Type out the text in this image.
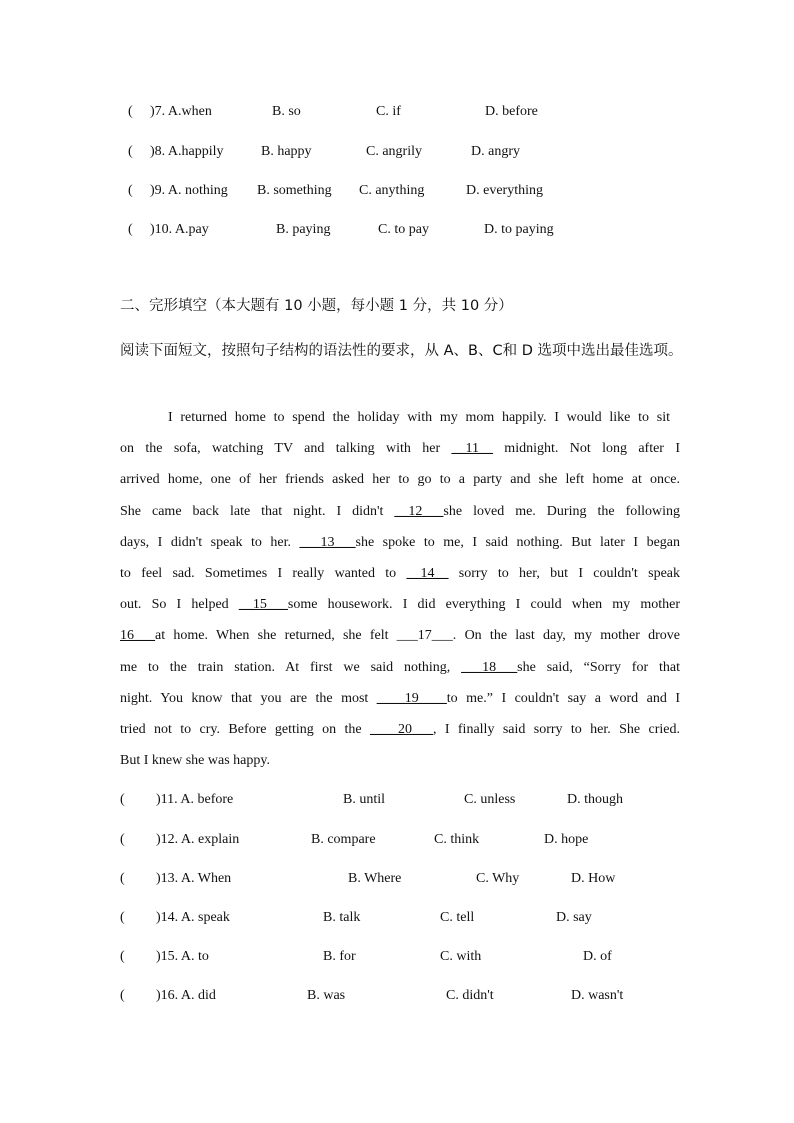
( )7. A.when	B. so	C. if	D. before
( )8. A.happily	B. happy	C. angrily	D. angry
( )9. A. nothing B. something C. anything	D. everything
( )10. A.pay	B. paying	C. to pay	D. to paying
二、完形填空（本大题有 10 小题，每小题 1 分，共 10 分）
阅读下面短文，按照句子结构的语法性的要求，从 A、B、C和 D 选项中选出最佳选项。
I returned home to spend the holiday with my mom happily. I would like to sit
on the sofa, watching TV and talking with her __11__ midnight. Not long after I
arrived home, one of her friends asked her to go to a party and she left home at once.
She came back late that night. I didn't __12___she loved me. During the following
days, I didn't speak to her. ___13___she spoke to me, I said nothing. But later I began
to feel sad. Sometimes I really wanted to __14__ sorry to her, but I couldn't speak
out. So I helped __15___some housework. I did everything I could when my mother
16___at home. When she returned, she felt ___17___. On the last day, my mother drove
me to the train station. At first we said nothing, ___18___she said, “Sorry for that
night. You know that you are the most ____19____to me.” I couldn't say a word and I
tried not to cry. Before getting on the ____20___, I finally said sorry to her. She cried.
But I knew she was happy.
( )11. A. before	B. until	C. unless	D. though
( )12. A. explain	B. compare	C. think	D. hope
( )13. A. When	B. Where	C. Why	D. How
( )14. A. speak	B. talk	C. tell	D. say
( )15. A. to	B. for	C. with	D. of
( )16. A. did	B. was	C. didn't	D. wasn't
